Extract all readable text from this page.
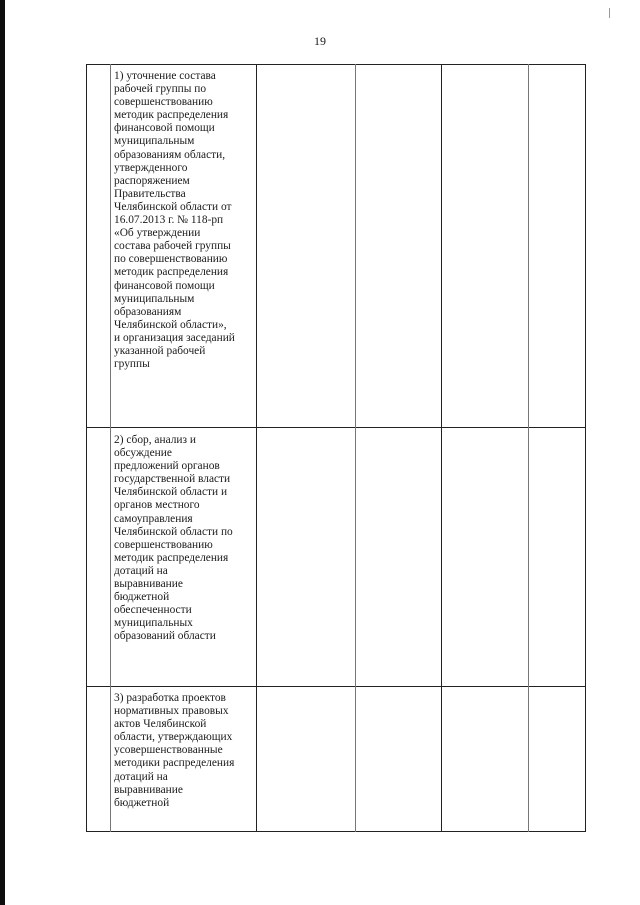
19
1) уточнение состава
рабочей группы по
совершенствованию
методик распределения
финансовой помощи
муниципальным
образованиям области,
утвержденного
распоряжением
Правительства
Челябинской области от
16.07.2013 г. № 118-рп
«Об утверждении
состава рабочей группы
по совершенствованию
методик распределения
финансовой помощи
муниципальным
образованиям
Челябинской области»,
и организация заседаний
указанной рабочей
группы
2) сбор, анализ и
обсуждение
предложений органов
государственной власти
Челябинской области и
органов местного
самоуправления
Челябинской области по
совершенствованию
методик распределения
дотаций на
выравнивание
бюджетной
обеспеченности
муниципальных
образований области
3) разработка проектов
нормативных правовых
актов Челябинской
области, утверждающих
усовершенствованные
методики распределения
дотаций на
выравнивание
бюджетной
